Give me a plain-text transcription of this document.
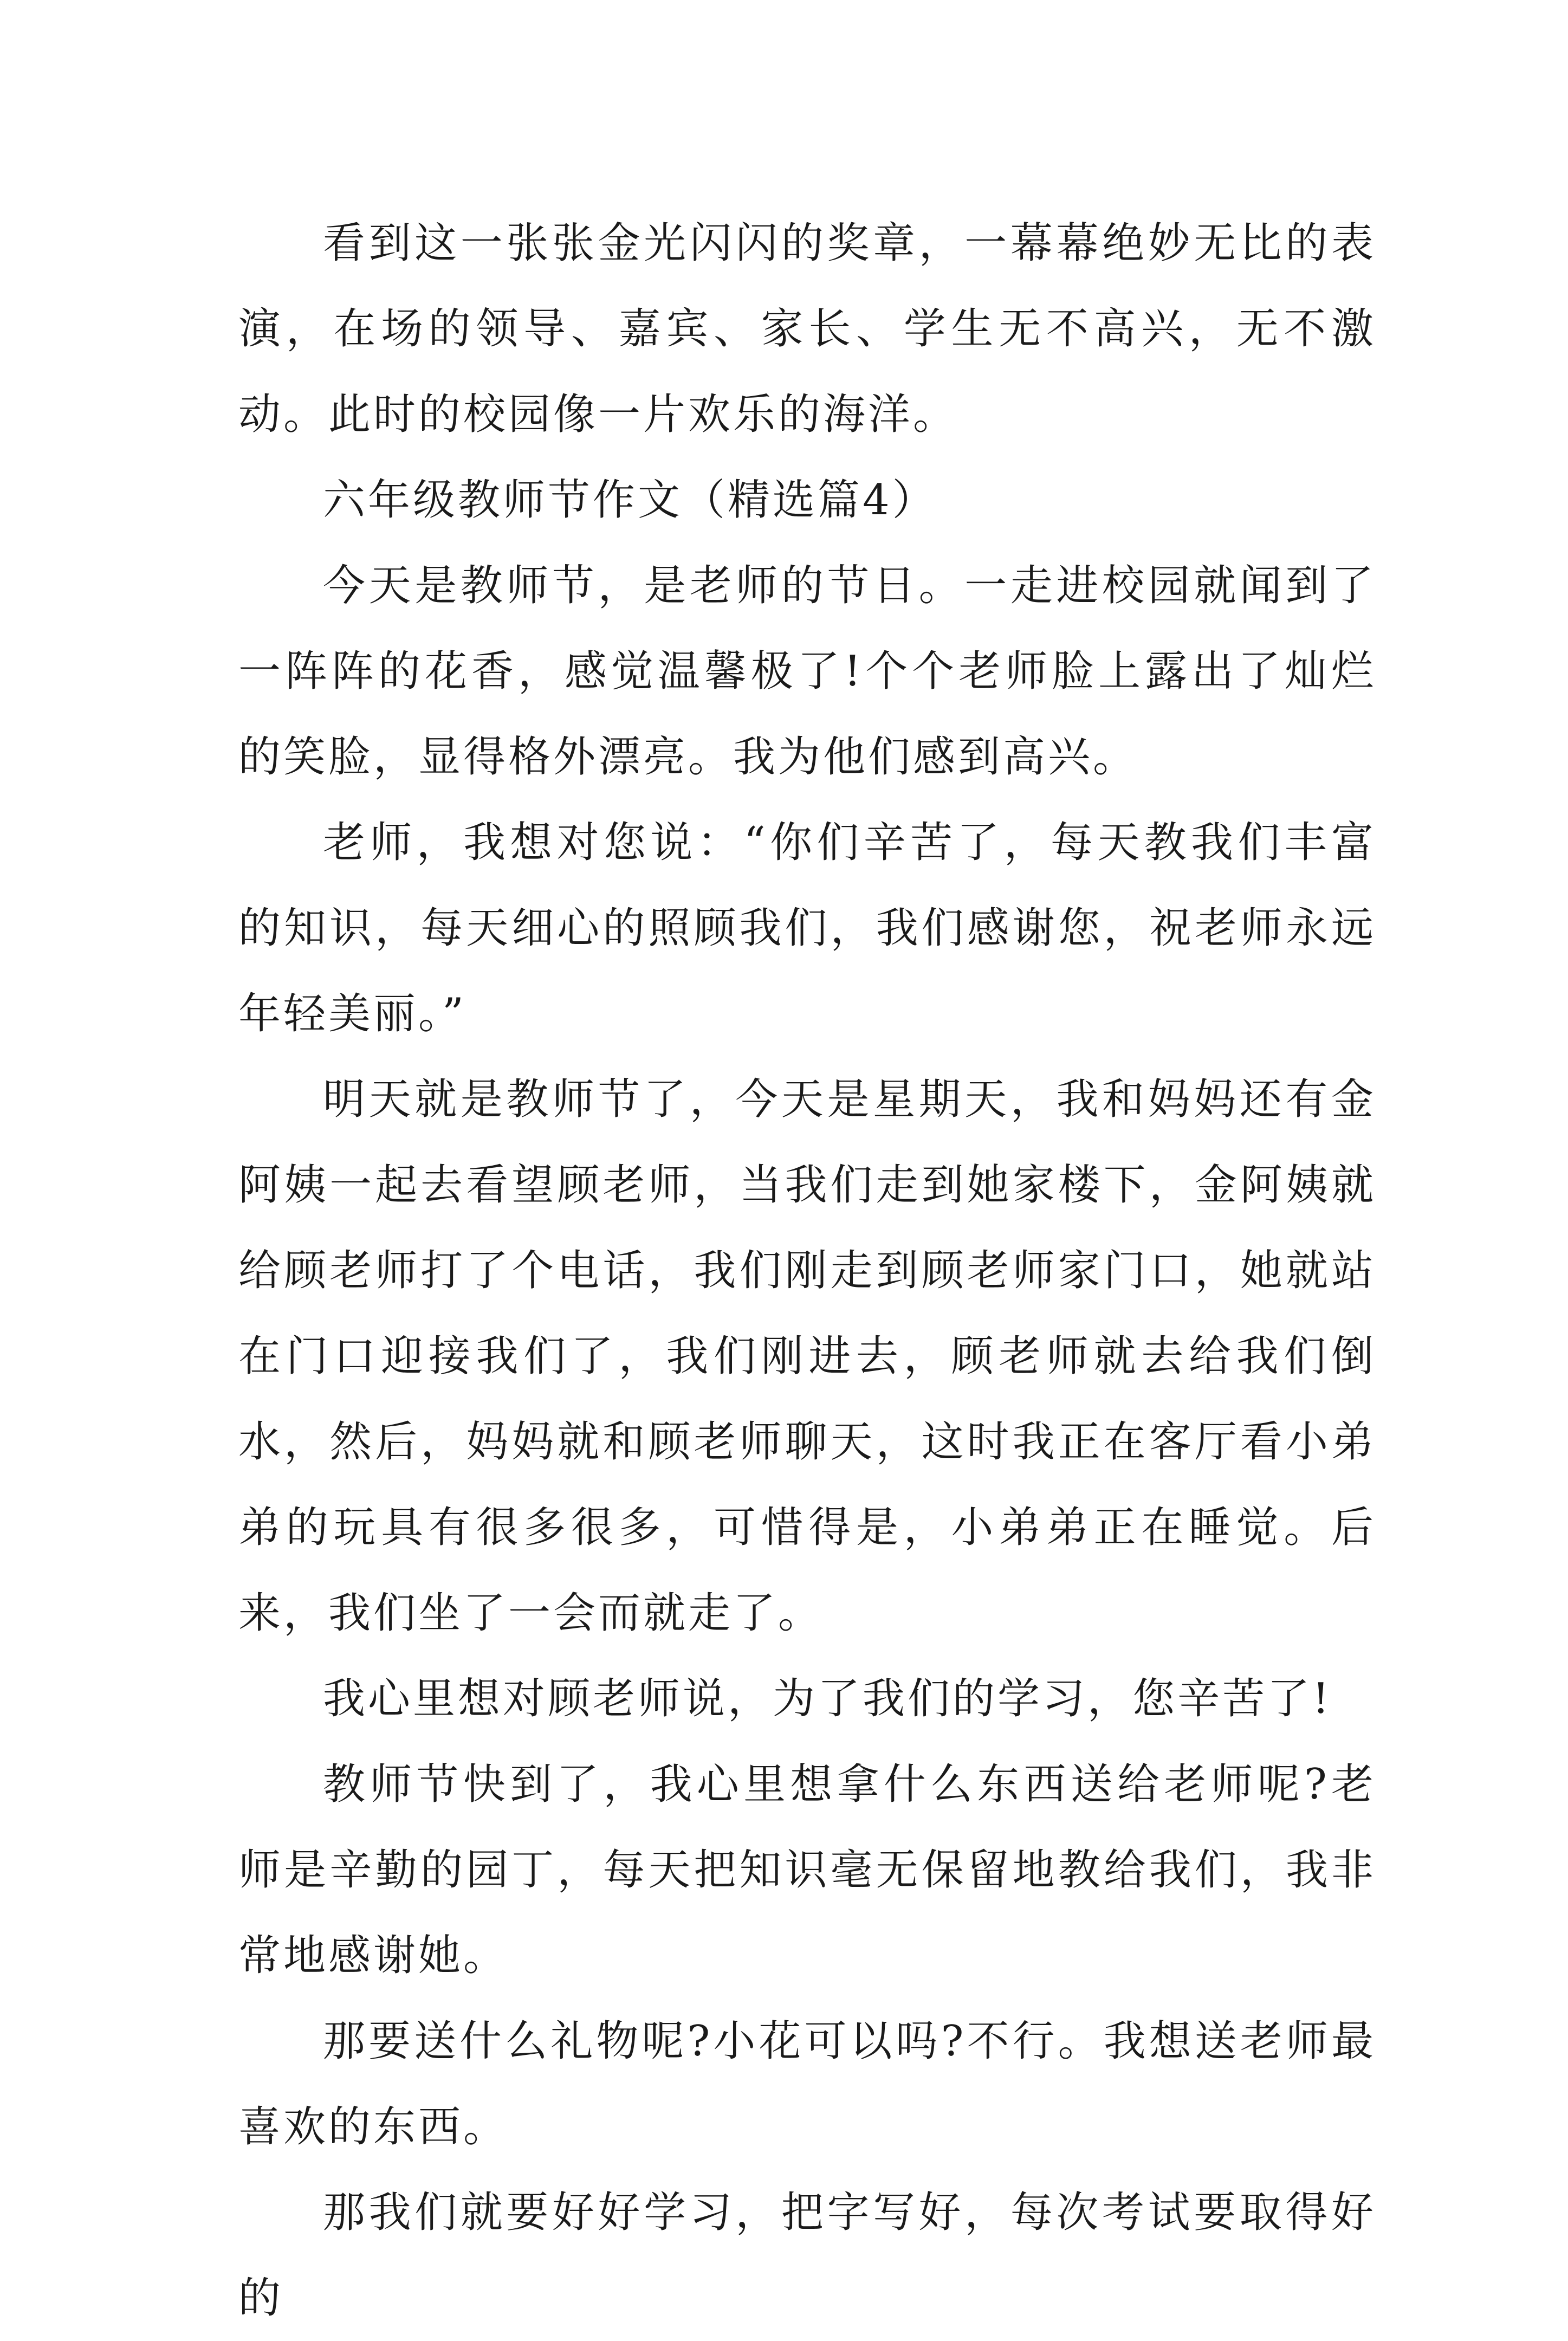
看到这一张张金光闪闪的奖章，一幕幕绝妙无比的表演，在场的领导、嘉宾、家长、学生无不高兴，无不激动。此时的校园像一片欢乐的海洋。

六年级教师节作文（精选篇4）

今天是教师节，是老师的节日。一走进校园就闻到了一阵阵的花香，感觉温馨极了!个个老师脸上露出了灿烂的笑脸，显得格外漂亮。我为他们感到高兴。

老师，我想对您说：“你们辛苦了，每天教我们丰富的知识，每天细心的照顾我们，我们感谢您，祝老师永远年轻美丽。”

明天就是教师节了，今天是星期天，我和妈妈还有金阿姨一起去看望顾老师，当我们走到她家楼下，金阿姨就给顾老师打了个电话，我们刚走到顾老师家门口，她就站在门口迎接我们了，我们刚进去，顾老师就去给我们倒水，然后，妈妈就和顾老师聊天，这时我正在客厅看小弟弟的玩具有很多很多，可惜得是，小弟弟正在睡觉。后来，我们坐了一会而就走了。

我心里想对顾老师说，为了我们的学习，您辛苦了!

教师节快到了，我心里想拿什么东西送给老师呢?老师是辛勤的园丁，每天把知识毫无保留地教给我们，我非常地感谢她。

那要送什么礼物呢?小花可以吗?不行。我想送老师最喜欢的东西。

那我们就要好好学习，把字写好，每次考试要取得好的
